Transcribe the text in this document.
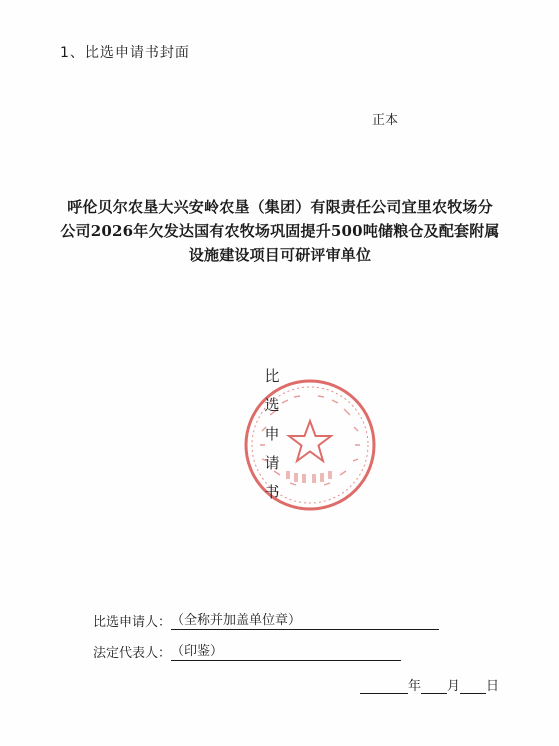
1、比选申请书封面
正本
呼伦贝尔农垦大兴安岭农垦（集团）有限责任公司宜里农牧场分
公司2026年欠发达国有农牧场巩固提升500吨储粮仓及配套附属
设施建设项目可研评审单位
比
选
申
请
书
比选申请人：（全称并加盖单位章）
法定代表人：（印鉴）
年 月 日
